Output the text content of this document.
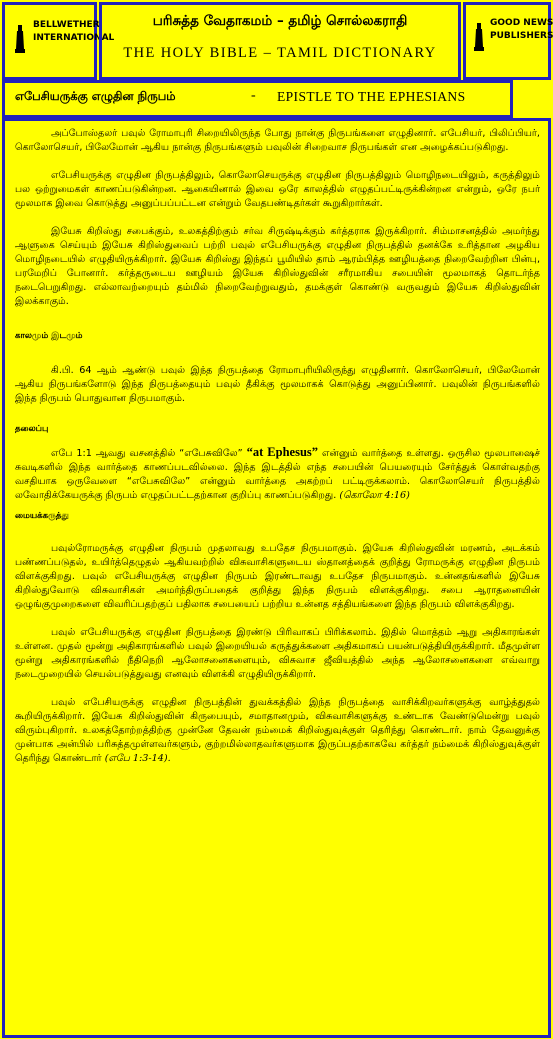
BELLWETHER
INTERNATIONAL
பரிசுத்த வேதாகமம் – தமிழ் சொல்லகராதி
THE HOLY BIBLE – TAMIL DICTIONARY
GOOD NEWS
PUBLISHERS
எபேசியருக்கு எழுதின நிருபம்	- EPISTLE TO THE EPHESIANS

அப்போஸ்தலர் பவுல் ரோமாபுரி சிறையிலிருந்த போது நான்கு நிருபங்களை எழுதினார். எபேசியர், பிலிப்பியர், கொலோசெயர், பிலேமோன் ஆகிய நான்கு நிருபங்களும் பவுலின் சிறைவாச நிருபங்கள் என அழைக்கப்படுகிறது.

எபேசியருக்கு எழுதின நிருபத்திலும், கொலோசெயருக்கு எழுதின நிருபத்திலும் மொழிநடையிலும், கருத்திலும் பல ஒற்றுமைகள் காணப்படுகின்றன. ஆகையினால் இவை ஒரே காலத்தில் எழுதப்பட்டிருக்கின்றன என்றும், ஒரே நபர் மூலமாக இவை கொடுத்து அனுப்பப்பட்டன என்றும் வேதபண்டிதர்கள் கூறுகிறார்கள்.

இயேசு கிறிஸ்து சபைக்கும், உலகத்திற்கும் சர்வ சிருஷ்டிக்கும் கர்த்தராக இருக்கிறார். சிம்மாசனத்தில் அமர்ந்து ஆளுகை செய்யும் இயேசு கிறிஸ்துவைப் பற்றி பவுல் எபேசியருக்கு எழுதின நிருபத்தில் தனக்கே உரித்தான அழகிய மொழிநடையில் எழுதியிருக்கிறார். இயேசு கிறிஸ்து இந்தப் பூமியில் தாம் ஆரம்பித்த ஊழியத்தை நிறைவேற்றின பின்பு, பரமேறிப் போனார். கர்த்தருடைய ஊழியம் இயேசு கிறிஸ்துவின் சரீரமாகிய சபையின் மூலமாகத் தொடர்ந்த நடைபெறுகிறது. எல்லாவற்றையும் தம்மில் நிறைவேற்றுவதும், தமக்குள் கொண்டு வருவதும் இயேசு கிறிஸ்துவின் இலக்காகும்.

காலமும் இடமும்

கி.பி. 64 ஆம் ஆண்டு பவுல் இந்த நிருபத்தை ரோமாபுரியிலிருந்து எழுதினார். கொலோசெயர், பிலேமோன் ஆகிய நிருபங்களோடு இந்த நிருபத்தையும் பவுல் தீகிக்கு மூலமாகக் கொடுத்து அனுப்பினார். பவுலின் நிருபங்களில் இந்த நிருபம் பொதுவான நிருபமாகும்.

தலைப்பு

எபே 1:1 ஆவது வசனத்தில் “எபேசுவிலே” “at Ephesus” என்னும் வார்த்தை உள்ளது. ஒருசில மூலபாஷைச் சுவடிகளில் இந்த வார்த்தை காணப்படவில்லை. இந்த இடத்தில் எந்த சபையின் பெயரையும் சேர்த்துக் கொள்வதற்கு வசதியாக ஒருவேளை “எபேசுவிலே” என்னும் வார்த்தை அகற்றப் பட்டிருக்கலாம். கொலோசெயர் நிருபத்தில் லவோதிக்கேயருக்கு நிருபம் எழுதப்பட்டதற்கான குறிப்பு காணப்படுகிறது. (கொலோ 4:16)

மையக்கருத்து

பவுல்ரோமருக்கு எழுதின நிருபம் முதலாவது உபதேச நிருபமாகும். இயேசு கிறிஸ்துவின் மரணம், அடக்கம் பண்ணப்படுதல், உயிர்த்தெழுதல் ஆகியவற்றில் விசுவாசிகளுடைய ஸ்தானத்தைக் குறித்து ரோமருக்கு எழுதின நிருபம் விளக்குகிறது. பவுல் எபேசியருக்கு எழுதின நிருபம் இரண்டாவது உபதேச நிருபமாகும். உன்னதங்களில் இயேசு கிறிஸ்துவோடு விசுவாசிகள் அமர்ந்திருப்பதைக் குறித்து இந்த நிருபம் விளக்குகிறது. சபை ஆராதனையின் ஒழுங்குமுறைகளை விவரிப்பதற்குப் பதிலாக சபையைப் பற்றிய உன்னத சத்தியங்களை இந்த நிருபம் விளக்குகிறது.

பவுல் எபேசியருக்கு எழுதின நிருபத்தை இரண்டு பிரிவாகப் பிரிக்கலாம். இதில் மொத்தம் ஆறு அதிகாரங்கள் உள்ளன. முதல் மூன்று அதிகாரங்களில் பவுல் இறையியல் கருத்துக்களை அதிகமாகப் பயன்படுத்தியிருக்கிறார். மீதமுள்ள மூன்று அதிகாரங்களில் நீதிநெறி ஆலோசனைகளையும், விசுவாச ஜீவியத்தில் அந்த ஆலோசனைகளை எவ்வாறு நடைமுறையில் செயல்படுத்துவது எனவும் விளக்கி எழுதியிருக்கிறார்.

பவுல் எபேசியருக்கு எழுதின நிருபத்தின் துவக்கத்தில் இந்த நிருபத்தை வாசிக்கிறவர்களுக்கு வாழ்த்துதல் கூறியிருக்கிறார். இயேசு கிறிஸ்துவின் கிருபையும், சமாதானமும், விசுவாசிகளுக்கு உண்டாக வேண்டுமென்று பவுல் விரும்புகிறார். உலகத்தோற்றத்திற்கு முன்னே தேவன் நம்மைக் கிறிஸ்துவுக்குள் தெரிந்து கொண்டார். நாம் தேவனுக்கு முன்பாக அன்பில் பரிசுத்தமுள்ளவர்களும், குற்றமில்லாதவர்களுமாக இருப்பதற்காகவே கர்த்தர் நம்மைக் கிறிஸ்துவுக்குள் தெரிந்து கொண்டார் (எபே 1:3-14).
